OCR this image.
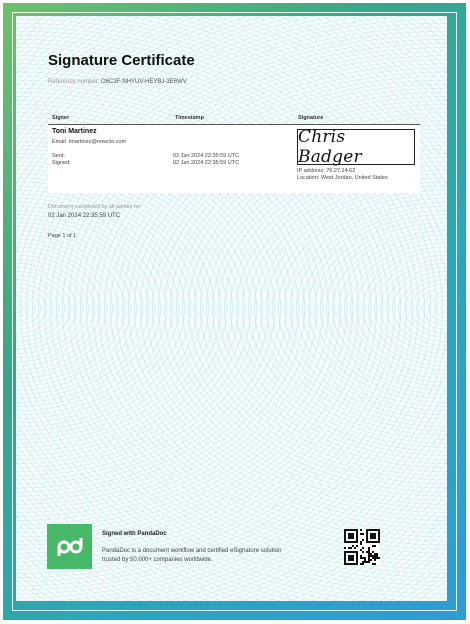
Signature Certificate
Reference number: O6C3F-NHYUV-HEYBJ-3E6WV
Signer	Timestamp	Signature
Toni Martinez
Email: tmartinez@nowclo.com
Sent:	02 Jan 2024 22:35:59 UTC
Signed:	02 Jan 2024 22:35:59 UTC
Chris Badger
IP address: 76.27.14.62
Location: West Jordan, United States
Document completed by all parties on:
02 Jan 2024 22:35:59 UTC
Page 1 of 1
Signed with PandaDoc
PandaDoc is a document workflow and certified eSignature solution trusted by 50,000+ companies worldwide.
